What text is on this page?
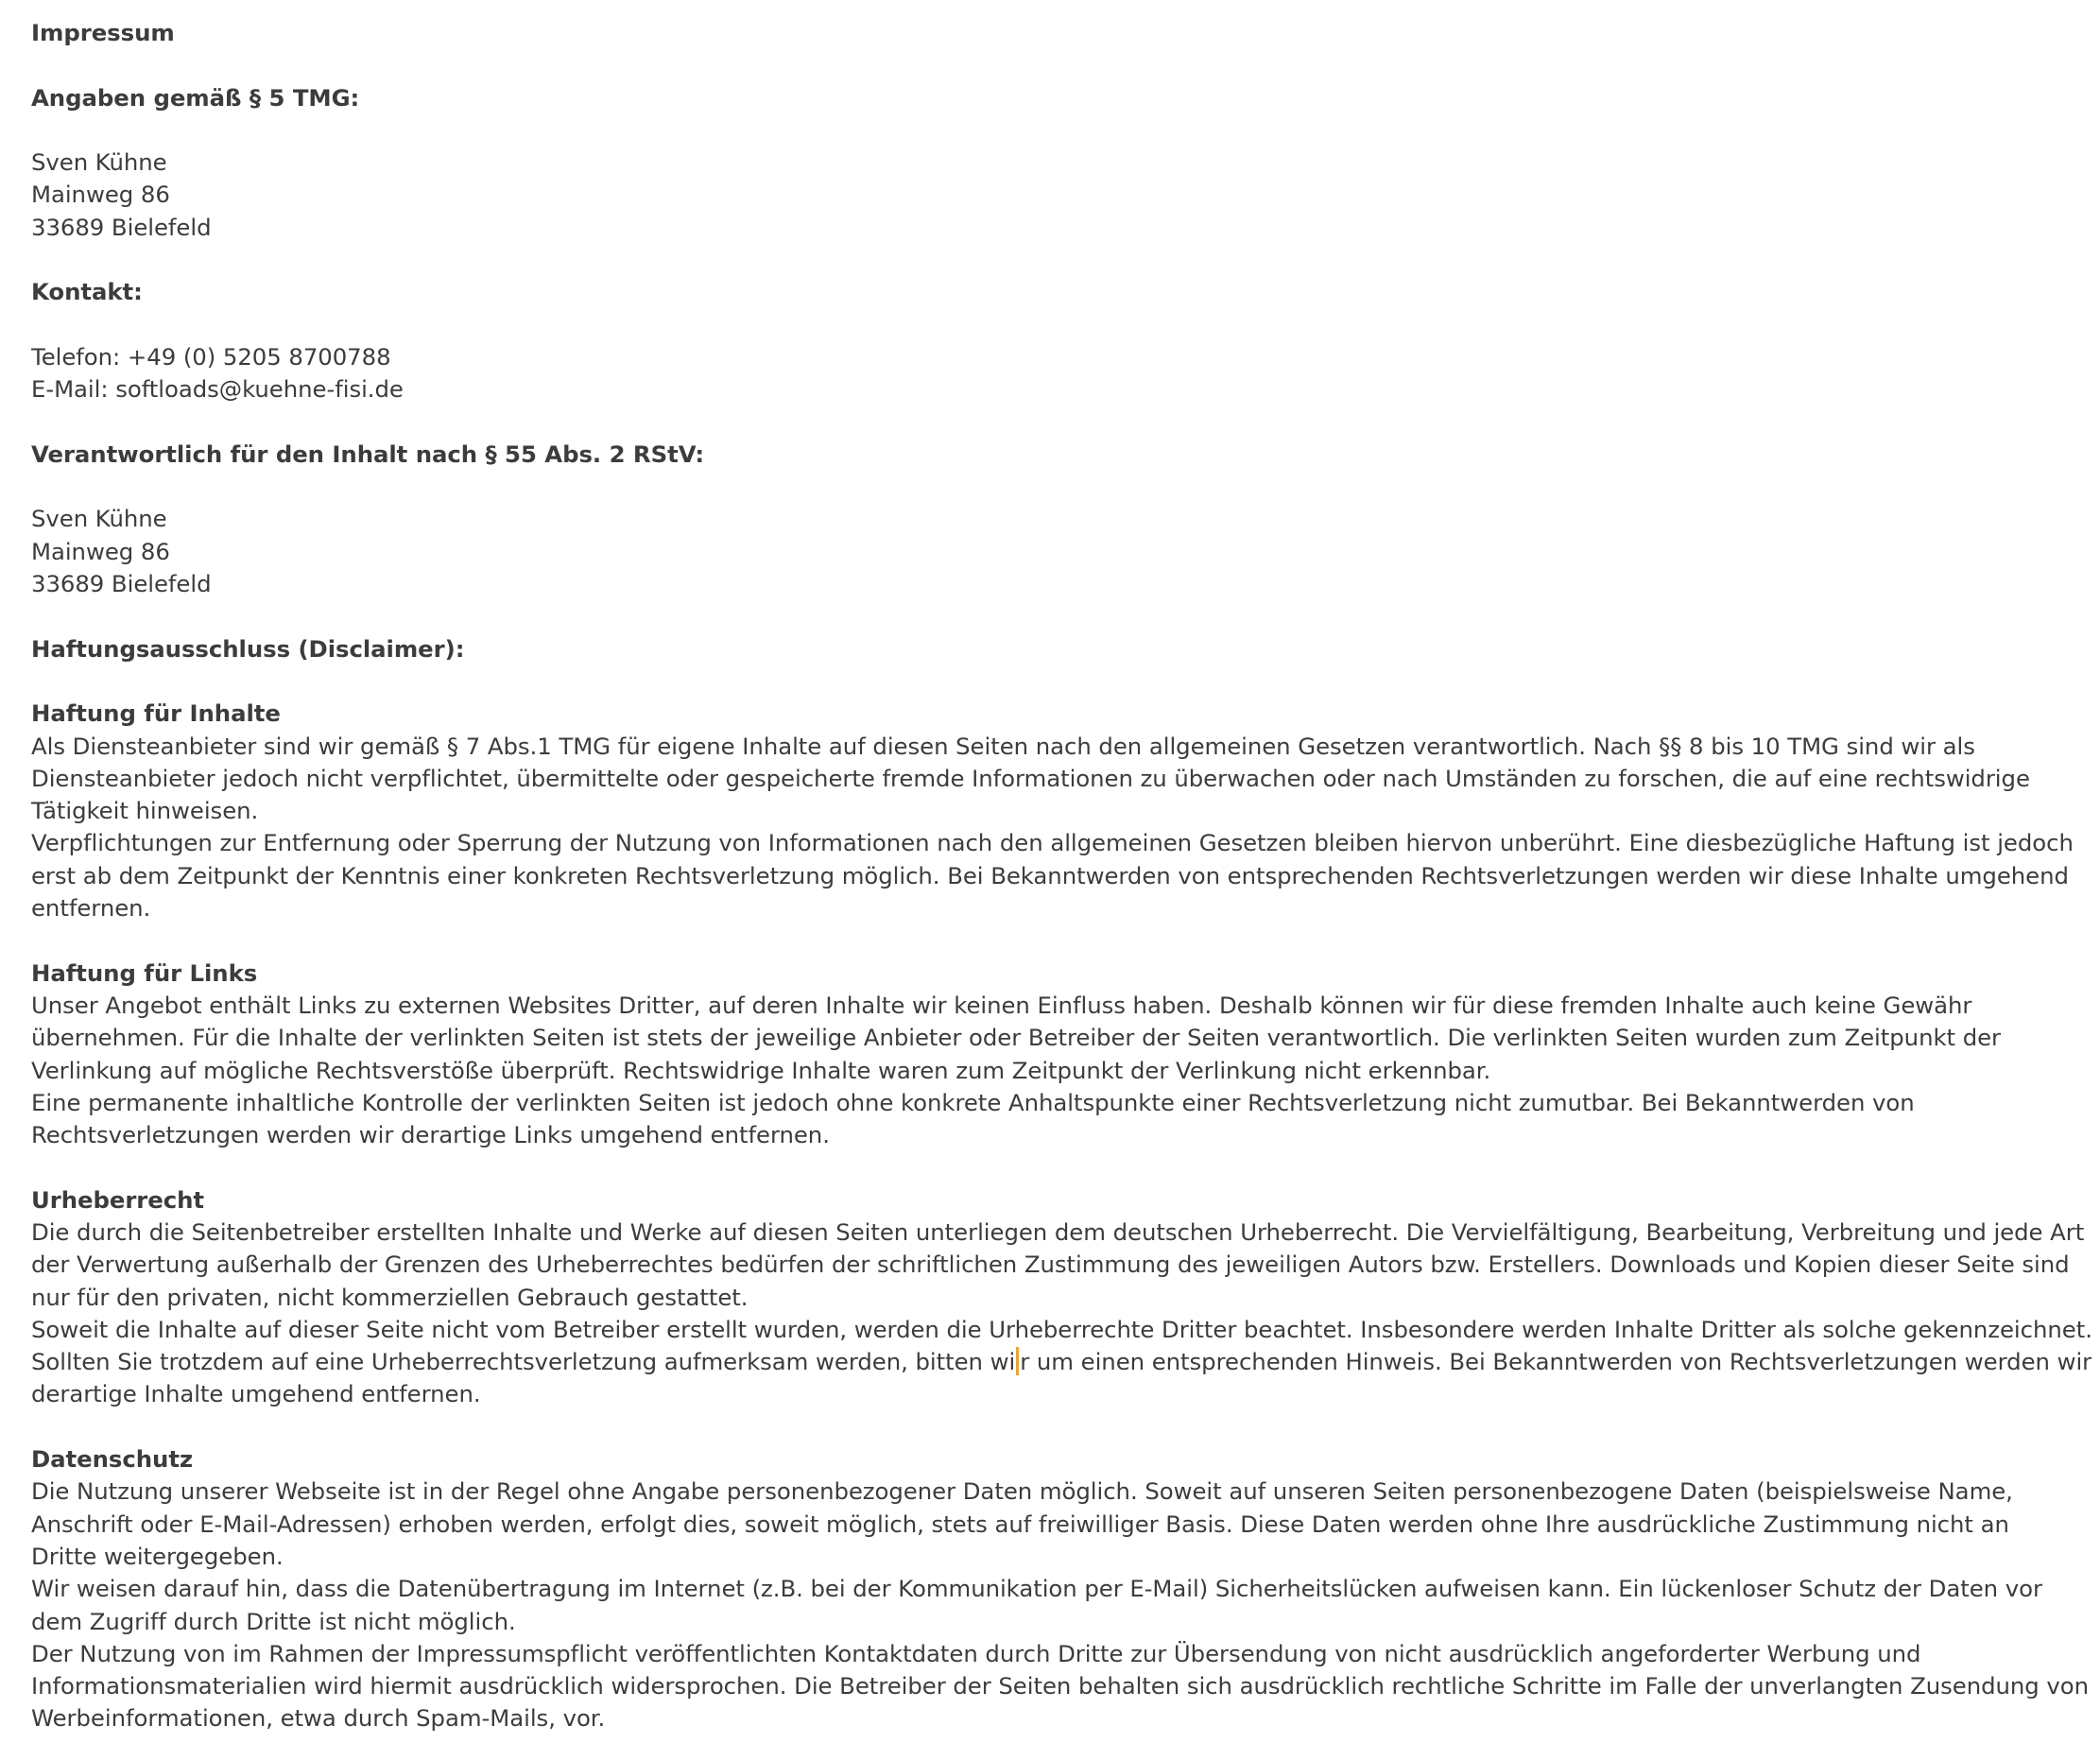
Impressum
Angaben gemäß § 5 TMG:
Sven Kühne
Mainweg 86
33689 Bielefeld
Kontakt:
Telefon: +49 (0) 5205 8700788
E-Mail: softloads@kuehne-fisi.de
Verantwortlich für den Inhalt nach § 55 Abs. 2 RStV:
Sven Kühne
Mainweg 86
33689 Bielefeld
Haftungsausschluss (Disclaimer):
Haftung für Inhalte
Als Diensteanbieter sind wir gemäß § 7 Abs.1 TMG für eigene Inhalte auf diesen Seiten nach den allgemeinen Gesetzen verantwortlich. Nach §§ 8 bis 10 TMG sind wir als
Diensteanbieter jedoch nicht verpflichtet, übermittelte oder gespeicherte fremde Informationen zu überwachen oder nach Umständen zu forschen, die auf eine rechtswidrige
Tätigkeit hinweisen.
Verpflichtungen zur Entfernung oder Sperrung der Nutzung von Informationen nach den allgemeinen Gesetzen bleiben hiervon unberührt. Eine diesbezügliche Haftung ist jedoch
erst ab dem Zeitpunkt der Kenntnis einer konkreten Rechtsverletzung möglich. Bei Bekanntwerden von entsprechenden Rechtsverletzungen werden wir diese Inhalte umgehend
entfernen.
Haftung für Links
Unser Angebot enthält Links zu externen Websites Dritter, auf deren Inhalte wir keinen Einfluss haben. Deshalb können wir für diese fremden Inhalte auch keine Gewähr
übernehmen. Für die Inhalte der verlinkten Seiten ist stets der jeweilige Anbieter oder Betreiber der Seiten verantwortlich. Die verlinkten Seiten wurden zum Zeitpunkt der
Verlinkung auf mögliche Rechtsverstöße überprüft. Rechtswidrige Inhalte waren zum Zeitpunkt der Verlinkung nicht erkennbar.
Eine permanente inhaltliche Kontrolle der verlinkten Seiten ist jedoch ohne konkrete Anhaltspunkte einer Rechtsverletzung nicht zumutbar. Bei Bekanntwerden von
Rechtsverletzungen werden wir derartige Links umgehend entfernen.
Urheberrecht
Die durch die Seitenbetreiber erstellten Inhalte und Werke auf diesen Seiten unterliegen dem deutschen Urheberrecht. Die Vervielfältigung, Bearbeitung, Verbreitung und jede Art
der Verwertung außerhalb der Grenzen des Urheberrechtes bedürfen der schriftlichen Zustimmung des jeweiligen Autors bzw. Erstellers. Downloads und Kopien dieser Seite sind
nur für den privaten, nicht kommerziellen Gebrauch gestattet.
Soweit die Inhalte auf dieser Seite nicht vom Betreiber erstellt wurden, werden die Urheberrechte Dritter beachtet. Insbesondere werden Inhalte Dritter als solche gekennzeichnet.
Sollten Sie trotzdem auf eine Urheberrechtsverletzung aufmerksam werden, bitten wi r um einen entsprechenden Hinweis. Bei Bekanntwerden von Rechtsverletzungen werden wir
derartige Inhalte umgehend entfernen.
Datenschutz
Die Nutzung unserer Webseite ist in der Regel ohne Angabe personenbezogener Daten möglich. Soweit auf unseren Seiten personenbezogene Daten (beispielsweise Name,
Anschrift oder E-Mail-Adressen) erhoben werden, erfolgt dies, soweit möglich, stets auf freiwilliger Basis. Diese Daten werden ohne Ihre ausdrückliche Zustimmung nicht an
Dritte weitergegeben.
Wir weisen darauf hin, dass die Datenübertragung im Internet (z.B. bei der Kommunikation per E-Mail) Sicherheitslücken aufweisen kann. Ein lückenloser Schutz der Daten vor
dem Zugriff durch Dritte ist nicht möglich.
Der Nutzung von im Rahmen der Impressumspflicht veröffentlichten Kontaktdaten durch Dritte zur Übersendung von nicht ausdrücklich angeforderter Werbung und
Informationsmaterialien wird hiermit ausdrücklich widersprochen. Die Betreiber der Seiten behalten sich ausdrücklich rechtliche Schritte im Falle der unverlangten Zusendung von
Werbeinformationen, etwa durch Spam-Mails, vor.
